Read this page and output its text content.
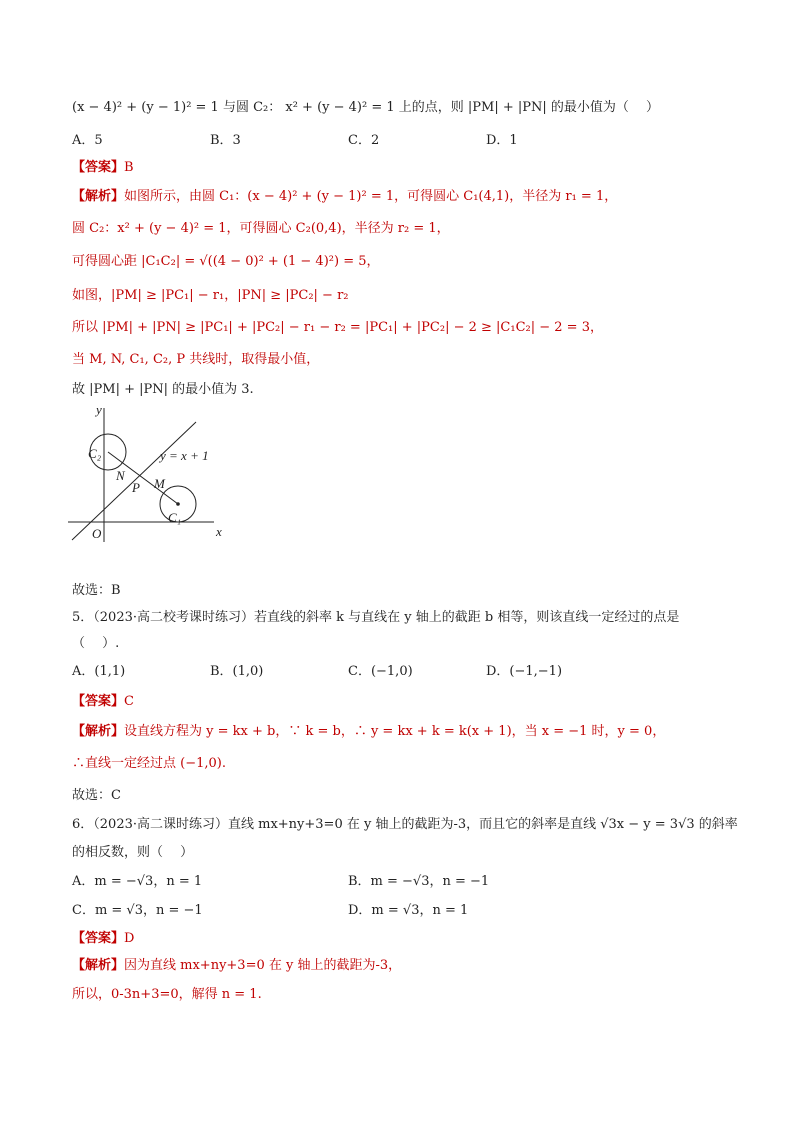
(x − 4)² + (y − 1)² = 1 与圆 C₂： x² + (y − 4)² = 1 上的点，则 |PM| + |PN| 的最小值为（　 ）
A．5	B．3	C．2	D．1
【答案】B
【解析】如图所示，由圆 C₁：(x − 4)² + (y − 1)² = 1，可得圆心 C₁(4,1)，半径为 r₁ = 1，
圆 C₂：x² + (y − 4)² = 1，可得圆心 C₂(0,4)，半径为 r₂ = 1，
可得圆心距 |C₁C₂| = √((4 − 0)² + (1 − 4)²) = 5，
如图，|PM| ≥ |PC₁| − r₁，|PN| ≥ |PC₂| − r₂
所以 |PM| + |PN| ≥ |PC₁| + |PC₂| − r₁ − r₂ = |PC₁| + |PC₂| − 2 ≥ |C₁C₂| − 2 = 3，
当 M, N, C₁, C₂, P 共线时，取得最小值，
故 |PM| + |PN| 的最小值为 3.
y
x
O
y = x + 1
C₂
C₁
N
P M
故选：B
5．（2023·高二校考课时练习）若直线的斜率 k 与直线在 y 轴上的截距 b 相等，则该直线一定经过的点是
（　 ）.
A．(1,1)	B．(1,0)	C．(−1,0)	D．(−1,−1)
【答案】C
【解析】设直线方程为 y = kx + b，∵ k = b，∴ y = kx + k = k(x + 1)，当 x = −1 时，y = 0，
∴直线一定经过点 (−1,0).
故选：C
6．（2023·高二课时练习）直线 mx+ny+3=0 在 y 轴上的截距为-3，而且它的斜率是直线 √3x − y = 3√3 的斜率
的相反数，则（　 ）
A．m = −√3，n = 1	B．m = −√3，n = −1
C．m = √3，n = −1	D．m = √3，n = 1
【答案】D
【解析】因为直线 mx+ny+3=0 在 y 轴上的截距为-3，
所以，0-3n+3=0，解得 n = 1.
